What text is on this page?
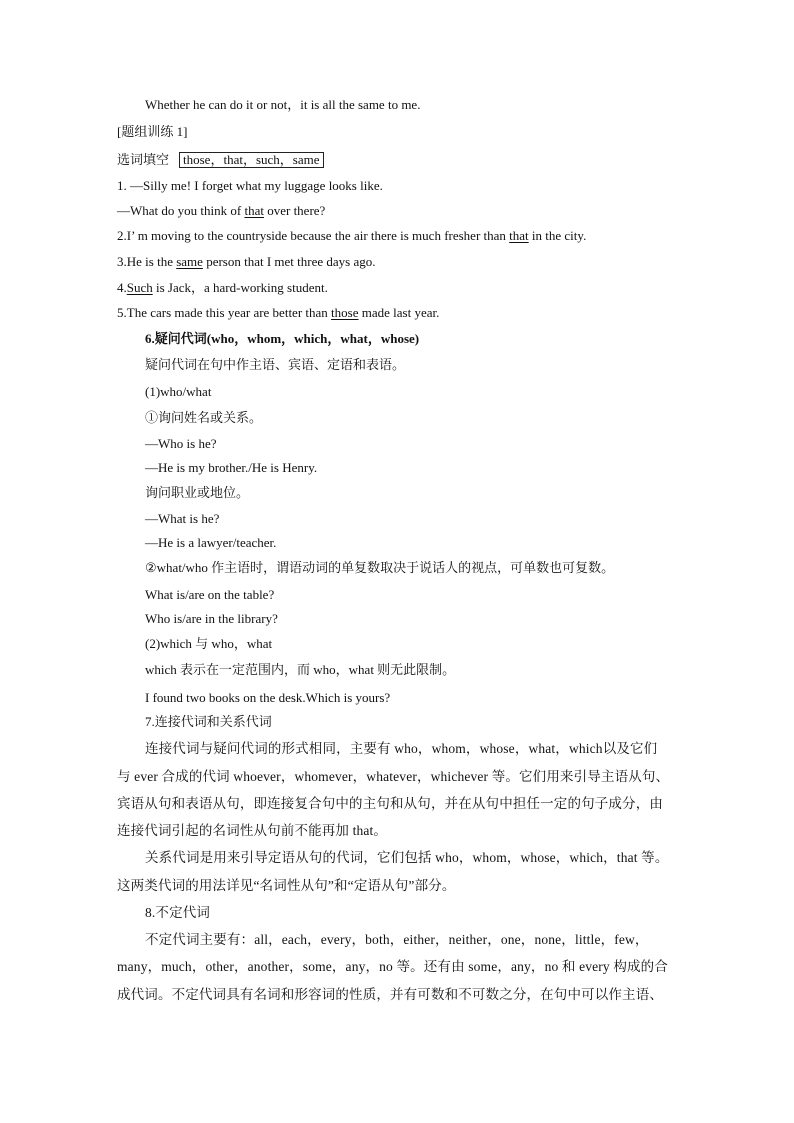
Whether he can do it or not，it is all the same to me.
[题组训练 1]
选词填空 those，that，such，same
1. —Silly me! I forget what my luggage looks like.
—What do you think of that over there?
2.I’ m moving to the countryside because the air there is much fresher than that in the city.
3.He is the same person that I met three days ago.
4.Such is Jack，a hard-working student.
5.The cars made this year are better than those made last year.
6.疑问代词(who，whom，which，what，whose)
疑问代词在句中作主语、宾语、定语和表语。
(1)who/what
①询问姓名或关系。
—Who is he?
—He is my brother./He is Henry.
询问职业或地位。
—What is he?
—He is a lawyer/teacher.
②what/who 作主语时，谓语动词的单复数取决于说话人的视点，可单数也可复数。
What is/are on the table?
Who is/are in the library?
(2)which 与 who，what
which 表示在一定范围内，而 who，what 则无此限制。
I found two books on the desk.Which is yours?
7.连接代词和关系代词
连接代词与疑问代词的形式相同，主要有 who，whom，whose，what，which以及它们
与 ever 合成的代词 whoever，whomever，whatever，whichever 等。它们用来引导主语从句、
宾语从句和表语从句，即连接复合句中的主句和从句，并在从句中担任一定的句子成分，由
连接代词引起的名词性从句前不能再加 that。
关系代词是用来引导定语从句的代词，它们包括 who，whom，whose，which，that 等。
这两类代词的用法详见“名词性从句”和“定语从句”部分。
8.不定代词
不定代词主要有：all，each，every，both，either，neither，one，none，little，few，
many，much，other，another，some，any，no 等。还有由 some，any，no 和 every 构成的合
成代词。不定代词具有名词和形容词的性质，并有可数和不可数之分，在句中可以作主语、
